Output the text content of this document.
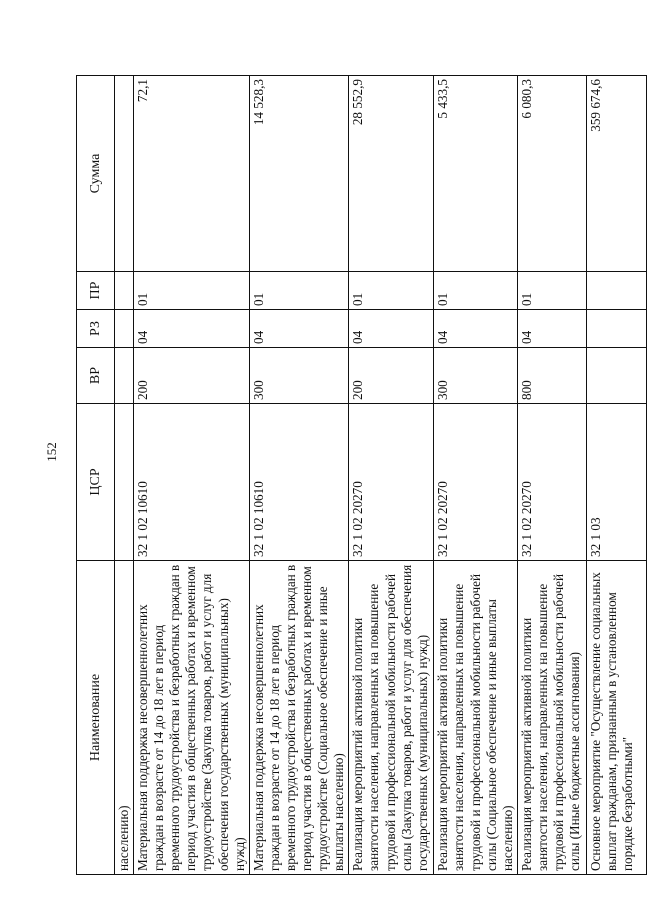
152
Наименование	ЦСР	ВР	РЗ	ПР	Сумма
населению)					
Материальная поддержка несовершеннолетних граждан в возрасте от 14 до 18 лет в период временного трудоустройства и безработных граждан в период участия в общественных работах и временном трудоустройстве (Закупка товаров, работ и услуг для обеспечения государственных (муниципальных) нужд)	32 1 02 10610	200	04	01	72,1
Материальная поддержка несовершеннолетних граждан в возрасте от 14 до 18 лет в период временного трудоустройства и безработных граждан в период участия в общественных работах и временном трудоустройстве (Социальное обеспечение и иные выплаты населению)	32 1 02 10610	300	04	01	14 528,3
Реализация мероприятий активной политики занятости населения, направленных на повышение трудовой и профессиональной мобильности рабочей силы (Закупка товаров, работ и услуг для обеспечения государственных (муниципальных) нужд)	32 1 02 20270	200	04	01	28 552,9
Реализация мероприятий активной политики занятости населения, направленных на повышение трудовой и профессиональной мобильности рабочей силы (Социальное обеспечение и иные выплаты населению)	32 1 02 20270	300	04	01	5 433,5
Реализация мероприятий активной политики занятости населения, направленных на повышение трудовой и профессиональной мобильности рабочей силы (Иные бюджетные ассигнования)	32 1 02 20270	800	04	01	6 080,3
Основное мероприятие "Осуществление социальных выплат гражданам, признанным в установленном порядке безработными"	32 1 03				359 674,6
